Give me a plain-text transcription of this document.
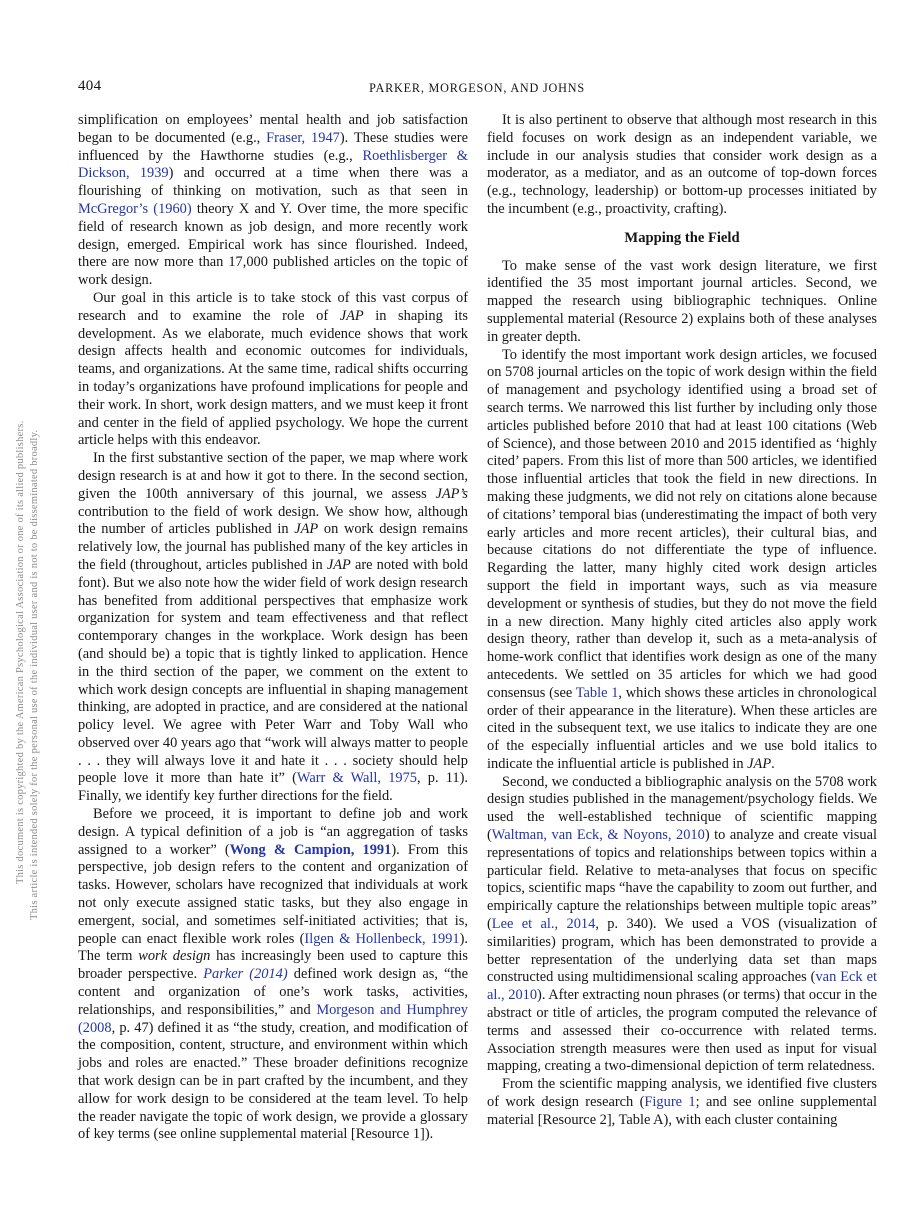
This document is copyrighted by the American Psychological Association or one of its allied publishers. This article is intended solely for the personal use of the individual user and is not to be disseminated broadly.
404	PARKER, MORGESON, AND JOHNS

simplification on employees’ mental health and job satisfaction began to be documented (e.g., Fraser, 1947). These studies were influenced by the Hawthorne studies (e.g., Roethlisberger & Dickson, 1939) and occurred at a time when there was a flourishing of thinking on motivation, such as that seen in McGregor’s (1960) theory X and Y. Over time, the more specific field of research known as job design, and more recently work design, emerged. Empirical work has since flourished. Indeed, there are now more than 17,000 published articles on the topic of work design.

Our goal in this article is to take stock of this vast corpus of research and to examine the role of JAP in shaping its development. As we elaborate, much evidence shows that work design affects health and economic outcomes for individuals, teams, and organizations. At the same time, radical shifts occurring in today’s organizations have profound implications for people and their work. In short, work design matters, and we must keep it front and center in the field of applied psychology. We hope the current article helps with this endeavor.

In the first substantive section of the paper, we map where work design research is at and how it got to there. In the second section, given the 100th anniversary of this journal, we assess JAP’s contribution to the field of work design. We show how, although the number of articles published in JAP on work design remains relatively low, the journal has published many of the key articles in the field (throughout, articles published in JAP are noted with bold font). But we also note how the wider field of work design research has benefited from additional perspectives that emphasize work organization for system and team effectiveness and that reflect contemporary changes in the workplace. Work design has been (and should be) a topic that is tightly linked to application. Hence in the third section of the paper, we comment on the extent to which work design concepts are influential in shaping management thinking, are adopted in practice, and are considered at the national policy level. We agree with Peter Warr and Toby Wall who observed over 40 years ago that “work will always matter to people . . . they will always love it and hate it . . . society should help people love it more than hate it” (Warr & Wall, 1975, p. 11). Finally, we identify key further directions for the field.

Before we proceed, it is important to define job and work design. A typical definition of a job is “an aggregation of tasks assigned to a worker” (Wong & Campion, 1991). From this perspective, job design refers to the content and organization of tasks. However, scholars have recognized that individuals at work not only execute assigned static tasks, but they also engage in emergent, social, and sometimes self-initiated activities; that is, people can enact flexible work roles (Ilgen & Hollenbeck, 1991). The term work design has increasingly been used to capture this broader perspective. Parker (2014) defined work design as, “the content and organization of one’s work tasks, activities, relationships, and responsibilities,” and Morgeson and Humphrey (2008, p. 47) defined it as “the study, creation, and modification of the composition, content, structure, and environment within which jobs and roles are enacted.” These broader definitions recognize that work design can be in part crafted by the incumbent, and they allow for work design to be considered at the team level. To help the reader navigate the topic of work design, we provide a glossary of key terms (see online supplemental material [Resource 1]).

It is also pertinent to observe that although most research in this field focuses on work design as an independent variable, we include in our analysis studies that consider work design as a moderator, as a mediator, and as an outcome of top-down forces (e.g., technology, leadership) or bottom-up processes initiated by the incumbent (e.g., proactivity, crafting).

Mapping the Field

To make sense of the vast work design literature, we first identified the 35 most important journal articles. Second, we mapped the research using bibliographic techniques. Online supplemental material (Resource 2) explains both of these analyses in greater depth.

To identify the most important work design articles, we focused on 5708 journal articles on the topic of work design within the field of management and psychology identified using a broad set of search terms. We narrowed this list further by including only those articles published before 2010 that had at least 100 citations (Web of Science), and those between 2010 and 2015 identified as ‘highly cited’ papers. From this list of more than 500 articles, we identified those influential articles that took the field in new directions. In making these judgments, we did not rely on citations alone because of citations’ temporal bias (underestimating the impact of both very early articles and more recent articles), their cultural bias, and because citations do not differentiate the type of influence. Regarding the latter, many highly cited work design articles support the field in important ways, such as via measure development or synthesis of studies, but they do not move the field in a new direction. Many highly cited articles also apply work design theory, rather than develop it, such as a meta-analysis of home-work conflict that identifies work design as one of the many antecedents. We settled on 35 articles for which we had good consensus (see Table 1, which shows these articles in chronological order of their appearance in the literature). When these articles are cited in the subsequent text, we use italics to indicate they are one of the especially influential articles and we use bold italics to indicate the influential article is published in JAP.

Second, we conducted a bibliographic analysis on the 5708 work design studies published in the management/psychology fields. We used the well-established technique of scientific mapping (Waltman, van Eck, & Noyons, 2010) to analyze and create visual representations of topics and relationships between topics within a particular field. Relative to meta-analyses that focus on specific topics, scientific maps “have the capability to zoom out further, and empirically capture the relationships between multiple topic areas” (Lee et al., 2014, p. 340). We used a VOS (visualization of similarities) program, which has been demonstrated to provide a better representation of the underlying data set than maps constructed using multidimensional scaling approaches (van Eck et al., 2010). After extracting noun phrases (or terms) that occur in the abstract or title of articles, the program computed the relevance of terms and assessed their co-occurrence with related terms. Association strength measures were then used as input for visual mapping, creating a two-dimensional depiction of term relatedness.

From the scientific mapping analysis, we identified five clusters of work design research (Figure 1; and see online supplemental material [Resource 2], Table A), with each cluster containing
